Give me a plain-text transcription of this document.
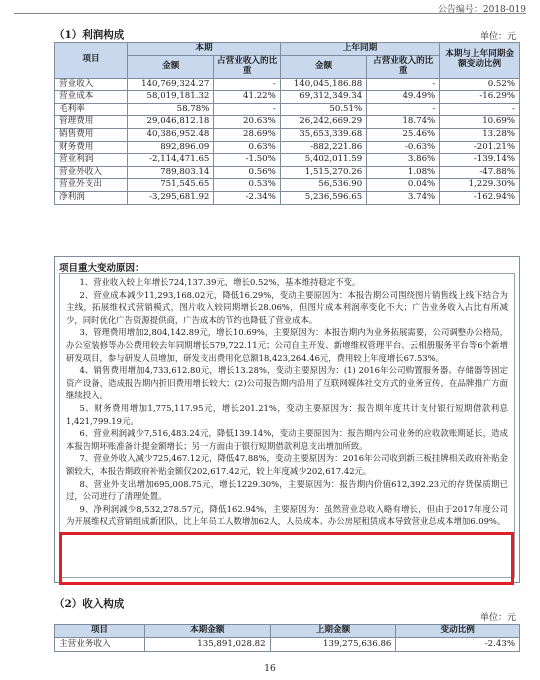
公告编号：2018-019
（1）利润构成	单位：元
项目	本期		上年同期		本期与上年同期金额变动比例
	金额	占营业收入的比重	金额	占营业收入的比重	
营业收入	140,769,324.27	-	140,045,186.88	-	0.52%
营业成本	58,019,181.32	41.22%	69,312,349.34	49.49%	-16.29%
毛利率	58.78%	-	50.51%	-	-
管理费用	29,046,812.18	20.63%	26,242,669.29	18.74%	10.69%
销售费用	40,386,952.48	28.69%	35,653,339.68	25.46%	13.28%
财务费用	892,896.09	0.63%	-882,221.86	-0.63%	-201.21%
营业利润	-2,114,471.65	-1.50%	5,402,011.59	3.86%	-139.14%
营业外收入	789,803.14	0.56%	1,515,270.26	1.08%	-47.88%
营业外支出	751,545.65	0.53%	56,536.90	0.04%	1,229.30%
净利润	-3,295,681.92	-2.34%	5,236,596.65	3.74%	-162.94%
项目重大变动原因：

1、营业收入较上年增长724,137.39元，增长0.52%，基本维持稳定不变。

2、营业成本减少11,293,168.02元，降低16.29%，变动主要原因为：本报告期公司围绕图片销售线上线下结合为主线，拓展维权式营销模式，图片收入较同期增长28.06%，但图片成本利润率变化不大；广告业务收入占比有所减少，同时优化广告资源提供商，广告成本的节约也降低了营业成本。

3、管理费用增加2,804,142.89元，增长10.69%，主要原因为：本报告期内为业务拓展需要，公司调整办公格局，办公室装修等办公费用较去年同期增长579,722.11元；公司自主开发、新增维权管理平台、云相册服务平台等6个新增研发项目，参与研发人员增加，研发支出费用化总额18,423,264.46元，费用较上年度增长67.53%。

4、销售费用增加4,733,612.80元，增长13.28%，变动主要原因为：(1) 2016年公司购置服务器、存储器等固定资产设备，造成报告期内折旧费用增长较大；(2)公司报告期内沿用了互联网媒体社交方式的业务宣传，在品牌推广方面继续投入。

5、财务费用增加1,775,117.95元，增长201.21%，变动主要原因为：报告期年度共计支付银行短期借款利息1,421,799.19元。

6、营业利润减少7,516,483.24元，降低139.14%，变动主要原因为：报告期内公司业务的应收款账期延长，造成本报告期坏账准备计提金额增长；另一方面由于银行短期借款利息支出增加所致。

7、营业外收入减少725,467.12元，降低47.88%，变动主要原因为：2016年公司收到新三板挂牌相关政府补贴金额较大，本报告期政府补贴金额仅202,617.42元，较上年度减少202,617.42元。

8、营业外支出增加695,008.75元，增长1229.30%，主要原因为：报告期内价值612,392.23元的存货保质期已过，公司进行了清理处置。

9、净利润减少8,532,278.57元，降低162.94%，主要原因为：虽然营业总收入略有增长，但由于2017年度公司为开展维权式营销组成新团队，比上年员工人数增加62人，人员成本、办公房屋租赁成本导致营业总成本增加6.09%。

（2）收入构成
单位：元
项目	本期金额	上期金额	变动比例
主营业务收入	135,891,028.82	139,275,636.86	-2.43%
16
